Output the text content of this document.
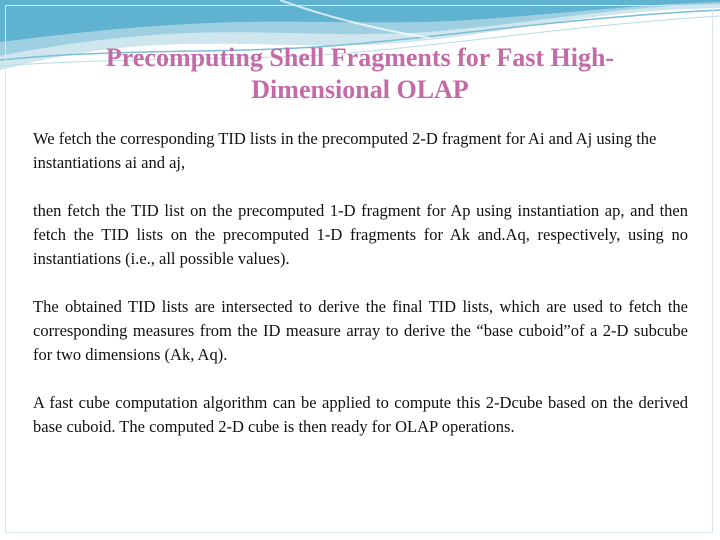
Precomputing Shell Fragments for Fast High-Dimensional OLAP

We fetch the corresponding TID lists in the precomputed 2-D fragment for Ai and Aj using the instantiations ai and aj,

then fetch the TID list on the precomputed 1-D fragment for Ap using instantiation ap, and then fetch the TID lists on the precomputed 1-D fragments for Ak and.Aq, respectively, using no instantiations (i.e., all possible values).

The obtained TID lists are intersected to derive the final TID lists, which are used to fetch the corresponding measures from the ID measure array to derive the “base cuboid”of a 2-D subcube for two dimensions (Ak, Aq).

A fast cube computation algorithm can be applied to compute this 2-Dcube based on the derived base cuboid. The computed 2-D cube is then ready for OLAP operations.
